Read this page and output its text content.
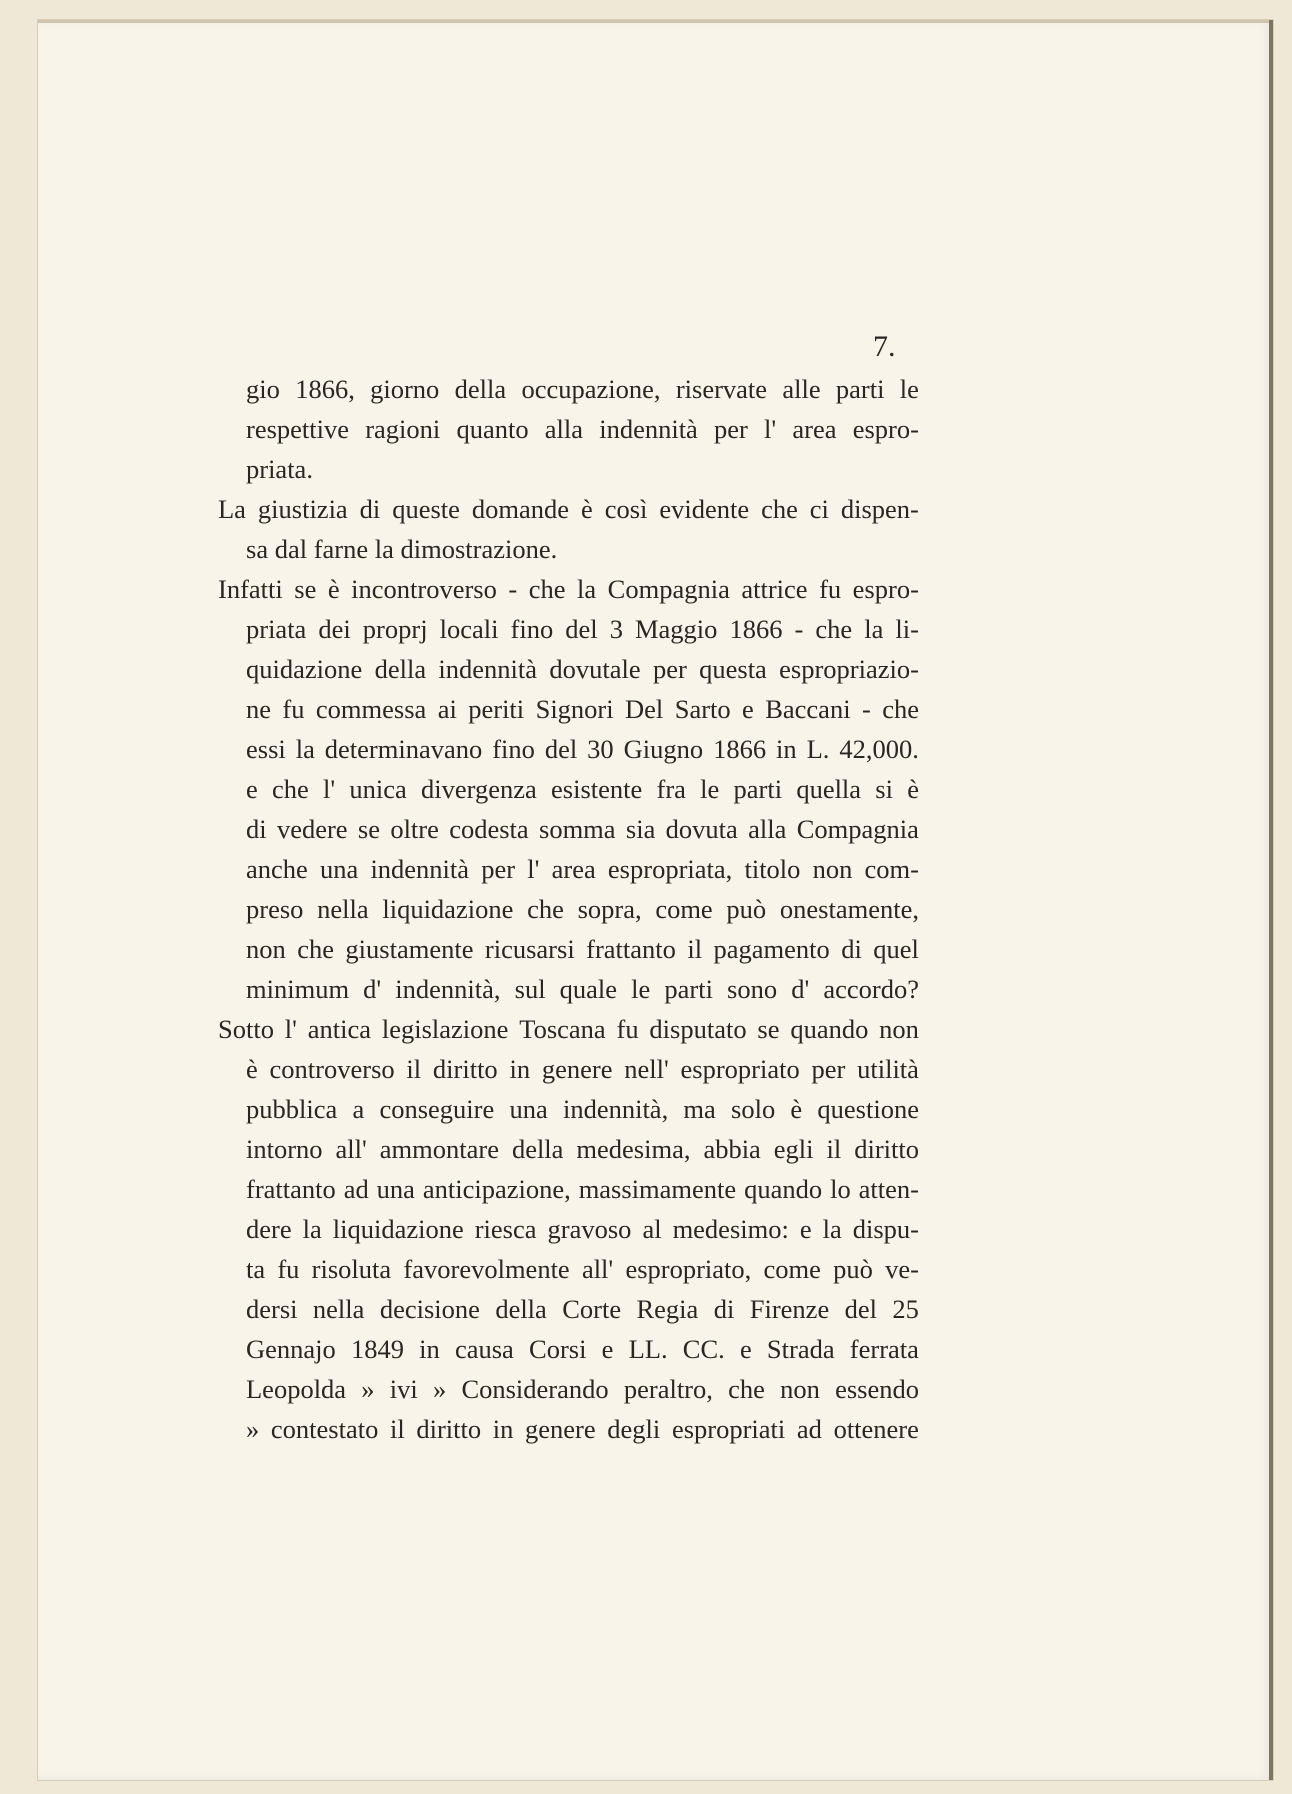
7.
gio 1866, giorno della occupazione, riservate alle parti le
respettive ragioni quanto alla indennità per l' area espro-
priata.
La giustizia di queste domande è così evidente che ci dispen-
sa dal farne la dimostrazione.
Infatti se è incontroverso - che la Compagnia attrice fu espro-
priata dei proprj locali fino del 3 Maggio 1866 - che la li-
quidazione della indennità dovutale per questa espropriazio-
ne fu commessa ai periti Signori Del Sarto e Baccani - che
essi la determinavano fino del 30 Giugno 1866 in L. 42,000.
e che l' unica divergenza esistente fra le parti quella si è
di vedere se oltre codesta somma sia dovuta alla Compagnia
anche una indennità per l' area espropriata, titolo non com-
preso nella liquidazione che sopra, come può onestamente,
non che giustamente ricusarsi frattanto il pagamento di quel
minimum d' indennità, sul quale le parti sono d' accordo?
Sotto l' antica legislazione Toscana fu disputato se quando non
è controverso il diritto in genere nell' espropriato per utilità
pubblica a conseguire una indennità, ma solo è questione
intorno all' ammontare della medesima, abbia egli il diritto
frattanto ad una anticipazione, massimamente quando lo atten-
dere la liquidazione riesca gravoso al medesimo: e la dispu-
ta fu risoluta favorevolmente all' espropriato, come può ve-
dersi nella decisione della Corte Regia di Firenze del 25
Gennajo 1849 in causa Corsi e LL. CC. e Strada ferrata
Leopolda » ivi » Considerando peraltro, che non essendo
» contestato il diritto in genere degli espropriati ad ottenere
